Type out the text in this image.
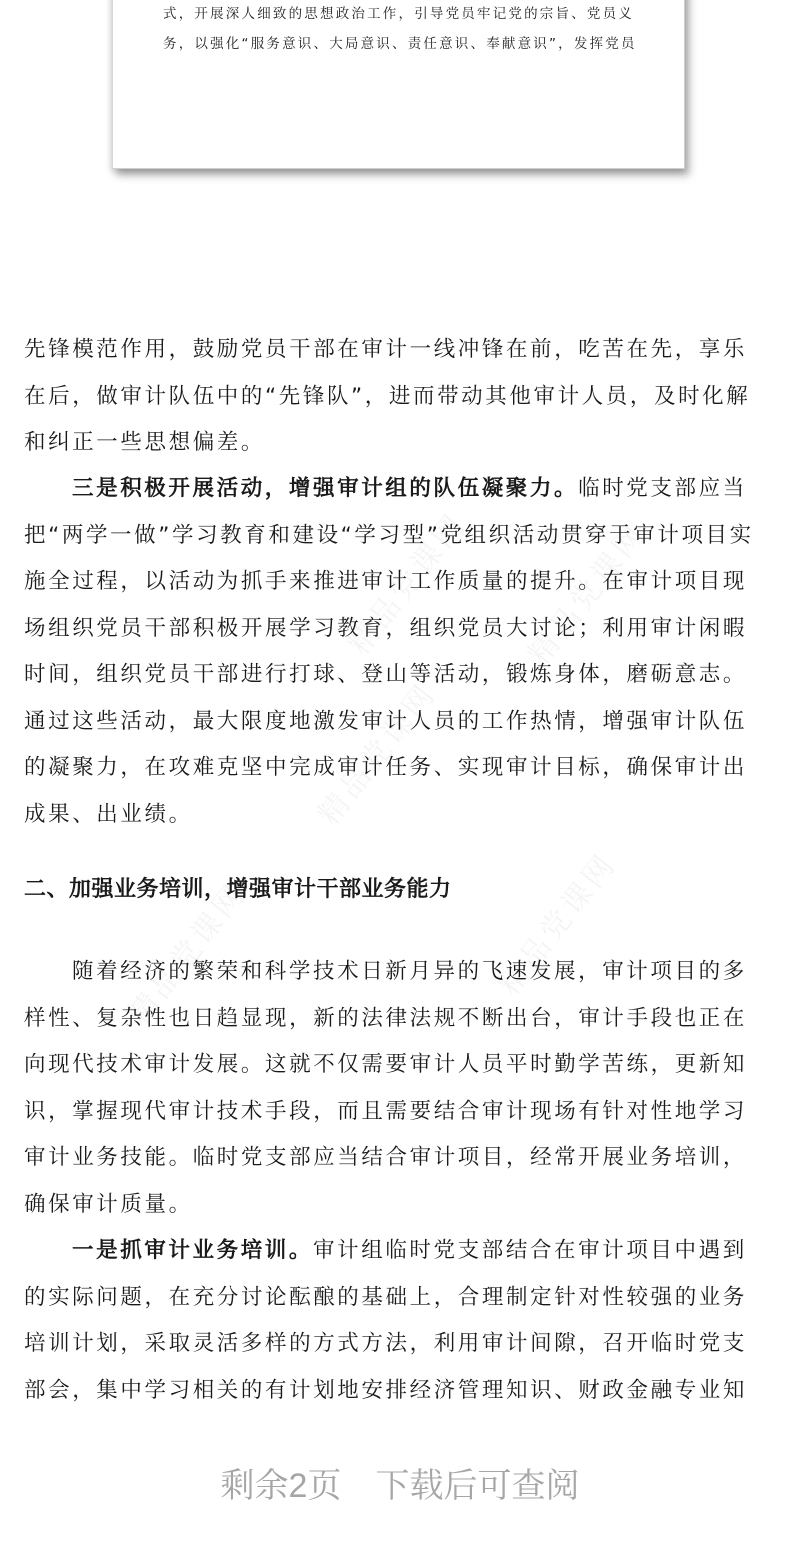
式，开展深人细致的思想政治工作，引导党员牢记党的宗旨、党员义
务，以强化“服务意识、大局意识、责任意识、奉献意识”，发挥党员
先锋模范作用，鼓励党员干部在审计一线冲锋在前，吃苦在先，享乐
在后，做审计队伍中的“先锋队”，进而带动其他审计人员，及时化解
和纠正一些思想偏差。
三是积极开展活动，增强审计组的队伍凝聚力。临时党支部应当
把“两学一做”学习教育和建设“学习型”党组织活动贯穿于审计项目实
施全过程，以活动为抓手来推进审计工作质量的提升。在审计项目现
场组织党员干部积极开展学习教育，组织党员大讨论；利用审计闲暇
时间，组织党员干部进行打球、登山等活动，锻炼身体，磨砺意志。
通过这些活动，最大限度地激发审计人员的工作热情，增强审计队伍
的凝聚力，在攻难克坚中完成审计任务、实现审计目标，确保审计出
成果、出业绩。
二、加强业务培训，增强审计干部业务能力
随着经济的繁荣和科学技术日新月异的飞速发展，审计项目的多
样性、复杂性也日趋显现，新的法律法规不断出台，审计手段也正在
向现代技术审计发展。这就不仅需要审计人员平时勤学苦练，更新知
识，掌握现代审计技术手段，而且需要结合审计现场有针对性地学习
审计业务技能。临时党支部应当结合审计项目，经常开展业务培训，
确保审计质量。
一是抓审计业务培训。审计组临时党支部结合在审计项目中遇到
的实际问题，在充分讨论酝酿的基础上，合理制定针对性较强的业务
培训计划，采取灵活多样的方式方法，利用审计间隙，召开临时党支
部会，集中学习相关的有计划地安排经济管理知识、财政金融专业知
剩余2页 下载后可查阅
